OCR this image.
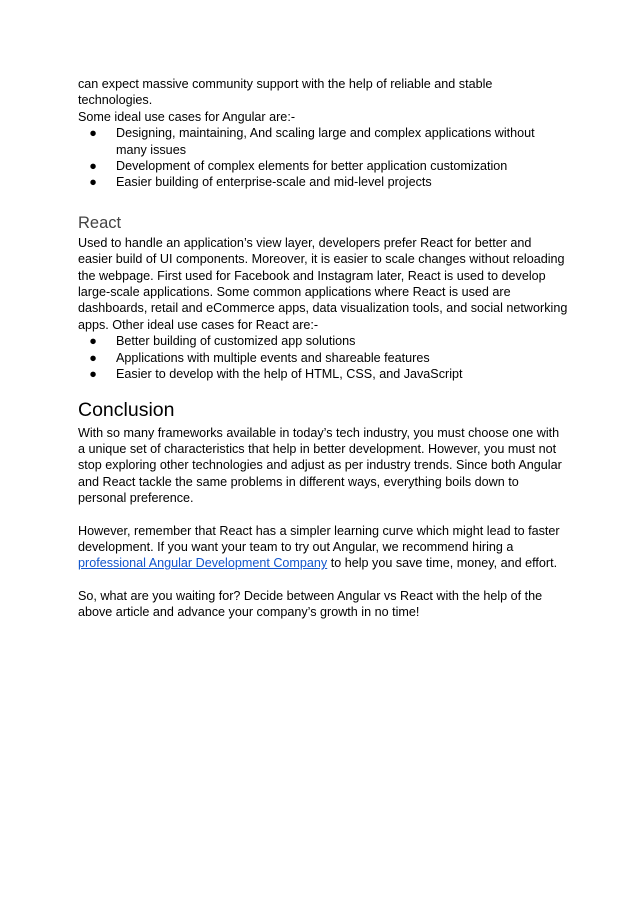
can expect massive community support with the help of reliable and stable technologies.

Some ideal use cases for Angular are:-

● Designing, maintaining, And scaling large and complex applications without many issues
● Development of complex elements for better application customization
● Easier building of enterprise-scale and mid-level projects
React

Used to handle an application’s view layer, developers prefer React for better and easier build of UI components. Moreover, it is easier to scale changes without reloading the webpage. First used for Facebook and Instagram later, React is used to develop large-scale applications. Some common applications where React is used are dashboards, retail and eCommerce apps, data visualization tools, and social networking apps. Other ideal use cases for React are:-

● Better building of customized app solutions
● Applications with multiple events and shareable features
● Easier to develop with the help of HTML, CSS, and JavaScript
Conclusion

With so many frameworks available in today’s tech industry, you must choose one with a unique set of characteristics that help in better development. However, you must not stop exploring other technologies and adjust as per industry trends. Since both Angular and React tackle the same problems in different ways, everything boils down to personal preference.

However, remember that React has a simpler learning curve which might lead to faster development. If you want your team to try out Angular, we recommend hiring a professional Angular Development Company to help you save time, money, and effort.

So, what are you waiting for? Decide between Angular vs React with the help of the above article and advance your company’s growth in no time!
